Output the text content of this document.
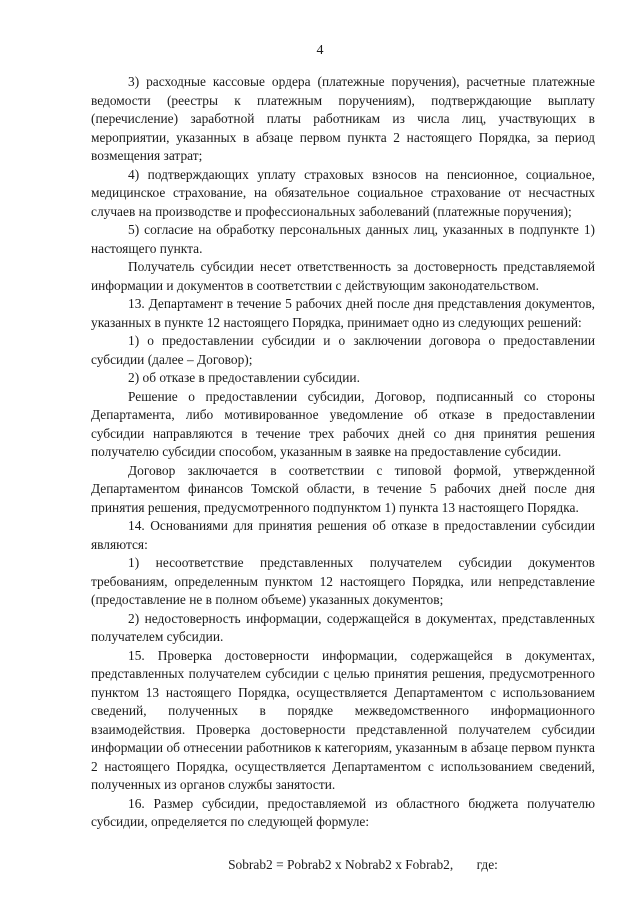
4

3) расходные кассовые ордера (платежные поручения), расчетные платежные ведомости (реестры к платежным поручениям), подтверждающие выплату (перечисление) заработной платы работникам из числа лиц, участвующих в мероприятии, указанных в абзаце первом пункта 2 настоящего Порядка, за период возмещения затрат;

4) подтверждающих уплату страховых взносов на пенсионное, социальное, медицинское страхование, на обязательное социальное страхование от несчастных случаев на производстве и профессиональных заболеваний (платежные поручения);

5) согласие на обработку персональных данных лиц, указанных в подпункте 1) настоящего пункта.

Получатель субсидии несет ответственность за достоверность представляемой информации и документов в соответствии с действующим законодательством.

13. Департамент в течение 5 рабочих дней после дня представления документов, указанных в пункте 12 настоящего Порядка, принимает одно из следующих решений:

1) о предоставлении субсидии и о заключении договора о предоставлении субсидии (далее – Договор);

2) об отказе в предоставлении субсидии.

Решение о предоставлении субсидии, Договор, подписанный со стороны Департамента, либо мотивированное уведомление об отказе в предоставлении субсидии направляются в течение трех рабочих дней со дня принятия решения получателю субсидии способом, указанным в заявке на предоставление субсидии.

Договор заключается в соответствии с типовой формой, утвержденной Департаментом финансов Томской области, в течение 5 рабочих дней после дня принятия решения, предусмотренного подпунктом 1) пункта 13 настоящего Порядка.

14. Основаниями для принятия решения об отказе в предоставлении субсидии являются:

1) несоответствие представленных получателем субсидии документов требованиям, определенным пунктом 12 настоящего Порядка, или непредставление (предоставление не в полном объеме) указанных документов;

2) недостоверность информации, содержащейся в документах, представленных получателем субсидии.

15. Проверка достоверности информации, содержащейся в документах, представленных получателем субсидии с целью принятия решения, предусмотренного пунктом 13 настоящего Порядка, осуществляется Департаментом с использованием сведений, полученных в порядке межведомственного информационного взаимодействия. Проверка достоверности представленной получателем субсидии информации об отнесении работников к категориям, указанным в абзаце первом пункта 2 настоящего Порядка, осуществляется Департаментом с использованием сведений, полученных из органов службы занятости.

16. Размер субсидии, предоставляемой из областного бюджета получателю субсидии, определяется по следующей формуле:

Sobrab2 = Pobrab2 x Nobrab2 x Fobrab2, где:
